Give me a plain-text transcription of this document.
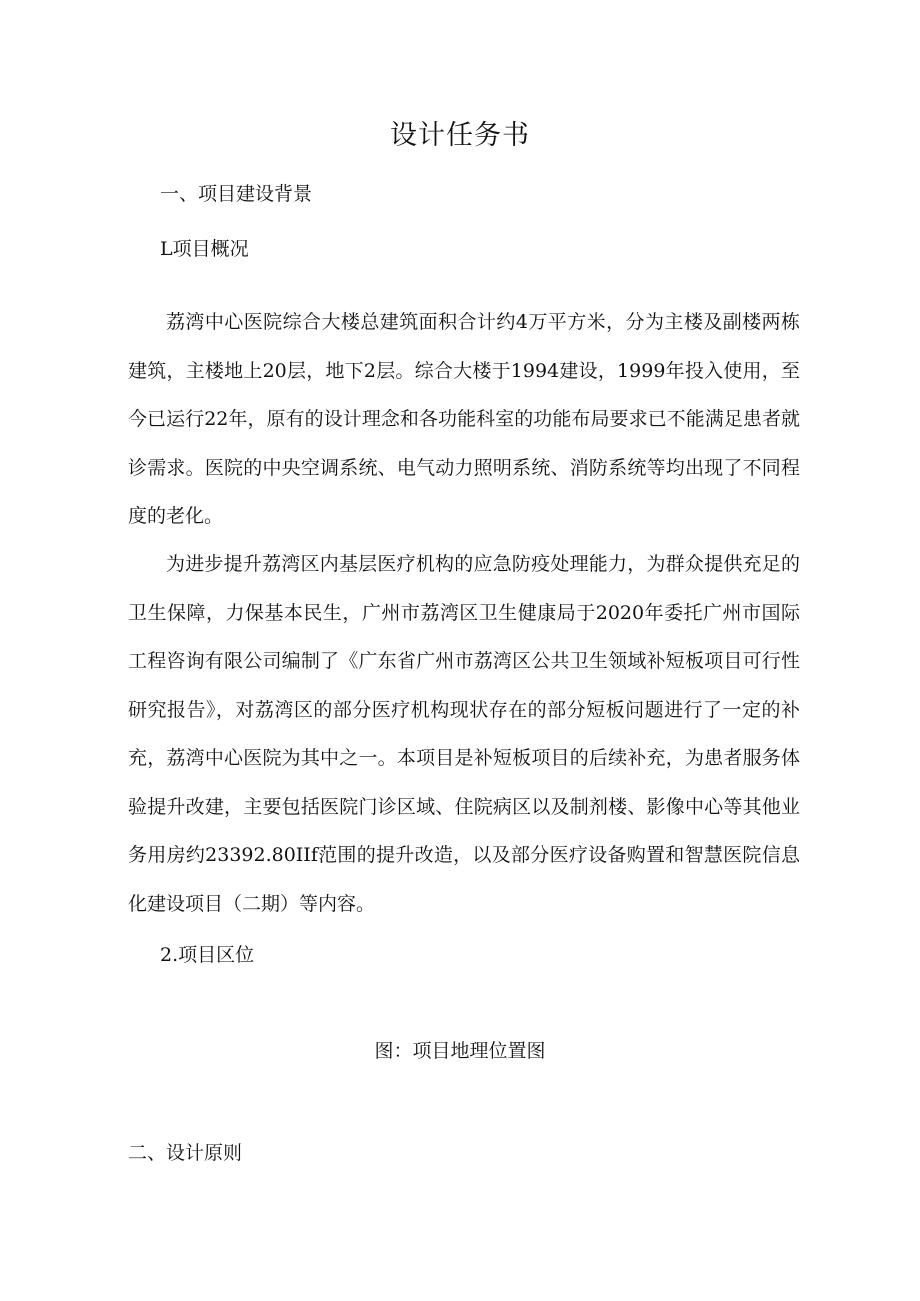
设计任务书
一、项目建设背景
L项目概况

荔湾中心医院综合大楼总建筑面积合计约4万平方米，分为主楼及副楼两栋建筑，主楼地上20层，地下2层。综合大楼于1994建设，1999年投入使用，至今已运行22年，原有的设计理念和各功能科室的功能布局要求已不能满足患者就诊需求。医院的中央空调系统、电气动力照明系统、消防系统等均出现了不同程度的老化。

为进步提升荔湾区内基层医疗机构的应急防疫处理能力，为群众提供充足的卫生保障，力保基本民生，广州市荔湾区卫生健康局于2020年委托广州市国际工程咨询有限公司编制了《广东省广州市荔湾区公共卫生领域补短板项目可行性研究报告》，对荔湾区的部分医疗机构现状存在的部分短板问题进行了一定的补充，荔湾中心医院为其中之一。本项目是补短板项目的后续补充，为患者服务体验提升改建，主要包括医院门诊区域、住院病区以及制剂楼、影像中心等其他业务用房约23392.80IIf范围的提升改造，以及部分医疗设备购置和智慧医院信息化建设项目（二期）等内容。

2.项目区位
图：项目地理位置图
二、设计原则
